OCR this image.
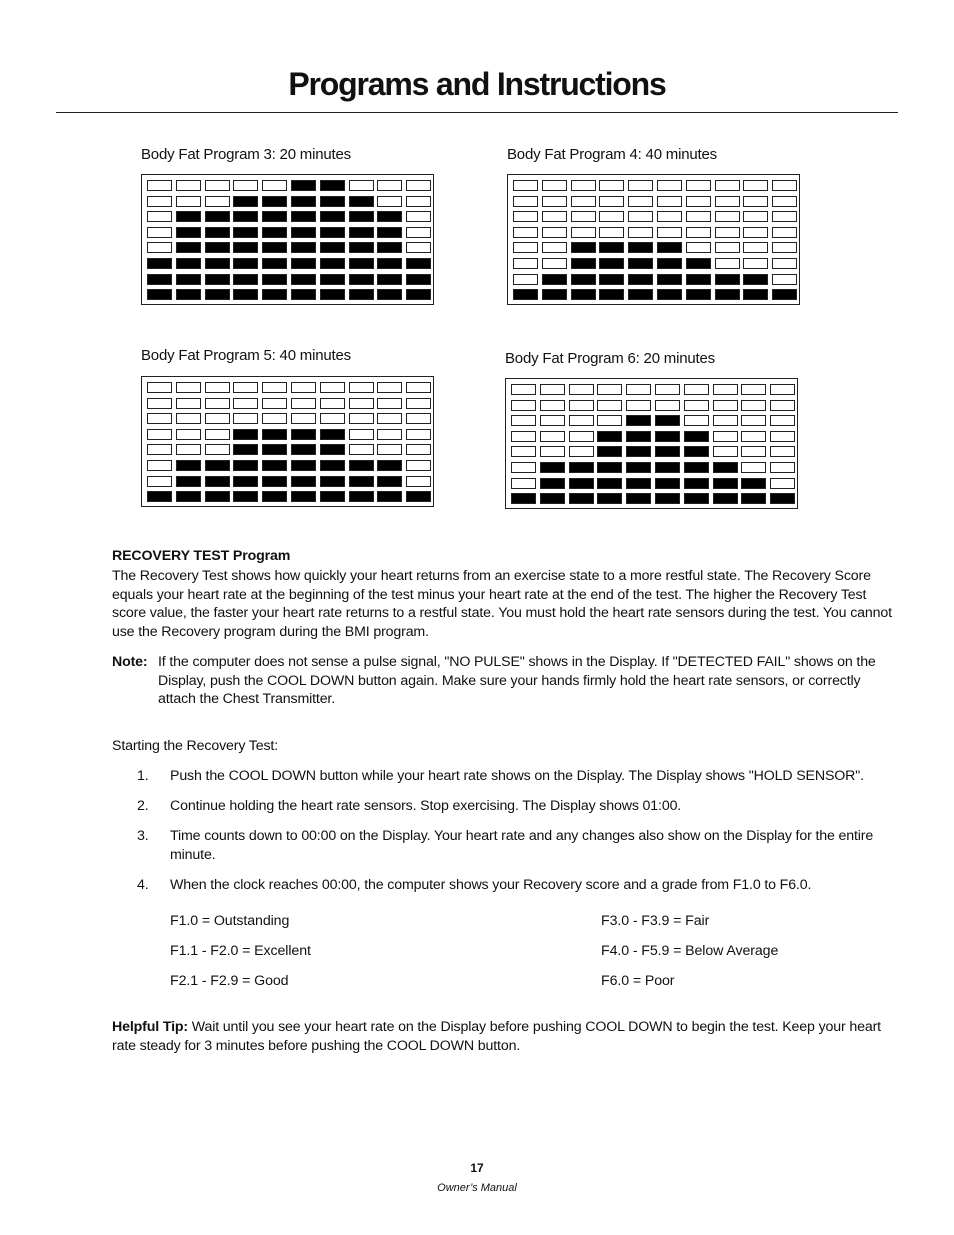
Programs and Instructions
Body Fat Program 3: 20 minutes	Body Fat Program 4: 40 minutes
Body Fat Program 5: 40 minutes	Body Fat Program 6: 20 minutes
RECOVERY TEST Program

The Recovery Test shows how quickly your heart returns from an exercise state to a more restful state. The Recovery Score equals your heart rate at the beginning of the test minus your heart rate at the end of the test. The higher the Recovery Test score value, the faster your heart rate returns to a restful state. You must hold the heart rate sensors during the test. You cannot use the Recovery program during the BMI program.

Note: If the computer does not sense a pulse signal, "NO PULSE" shows in the Display. If "DETECTED FAIL" shows on the Display, push the COOL DOWN button again. Make sure your hands firmly hold the heart rate sensors, or correctly attach the Chest Transmitter.

Starting the Recovery Test:

1. Push the COOL DOWN button while your heart rate shows on the Display. The Display shows "HOLD SENSOR".
2. Continue holding the heart rate sensors. Stop exercising. The Display shows 01:00.
3. Time counts down to 00:00 on the Display. Your heart rate and any changes also show on the Display for the entire minute.
4. When the clock reaches 00:00, the computer shows your Recovery score and a grade from F1.0 to F6.0.
F1.0 = Outstanding
F1.1 - F2.0 = Excellent
F2.1 - F2.9 = Good
F3.0 - F3.9 = Fair
F4.0 - F5.9 = Below Average
F6.0 = Poor

Helpful Tip: Wait until you see your heart rate on the Display before pushing COOL DOWN to begin the test. Keep your heart rate steady for 3 minutes before pushing the COOL DOWN button.

17
Owner’s Manual
